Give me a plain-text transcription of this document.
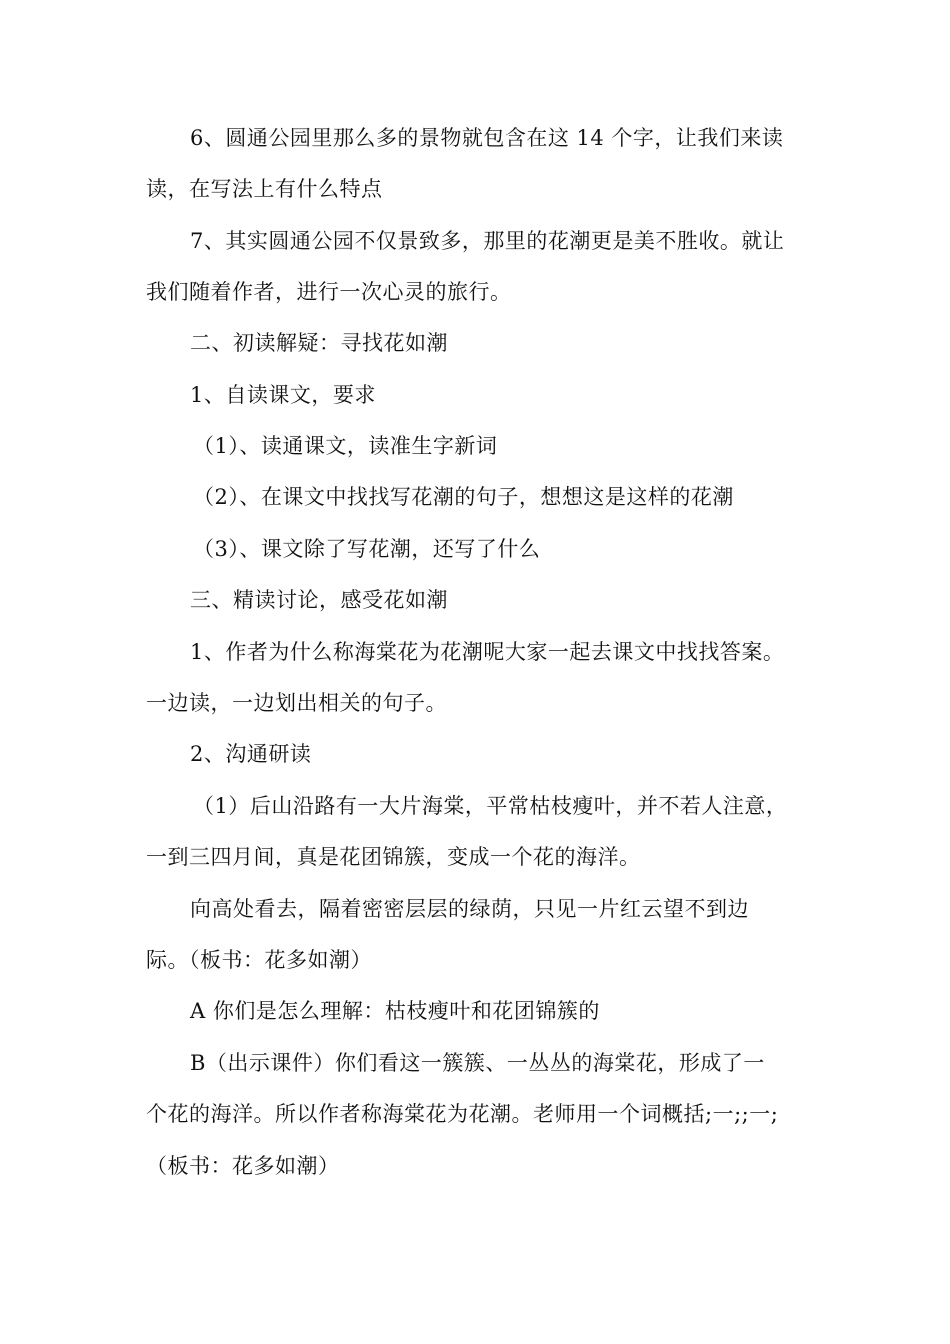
6、圆通公园里那么多的景物就包含在这 14 个字，让我们来读
读，在写法上有什么特点
7、其实圆通公园不仅景致多，那里的花潮更是美不胜收。就让
我们随着作者，进行一次心灵的旅行。
二、初读解疑：寻找花如潮
1、自读课文，要求
（1）、读通课文，读准生字新词
（2）、在课文中找找写花潮的句子，想想这是这样的花潮
（3）、课文除了写花潮，还写了什么
三、精读讨论，感受花如潮
1、作者为什么称海棠花为花潮呢大家一起去课文中找找答案。
一边读，一边划出相关的句子。
2、沟通研读
（1）后山沿路有一大片海棠，平常枯枝瘦叶，并不若人注意，
一到三四月间，真是花团锦簇，变成一个花的海洋。
向高处看去，隔着密密层层的绿荫，只见一片红云望不到边
际。（板书：花多如潮）
A 你们是怎么理解：枯枝瘦叶和花团锦簇的
B（出示课件）你们看这一簇簇、一丛丛的海棠花，形成了一
个花的海洋。所以作者称海棠花为花潮。老师用一个词概括;一;;一;
（板书：花多如潮）
